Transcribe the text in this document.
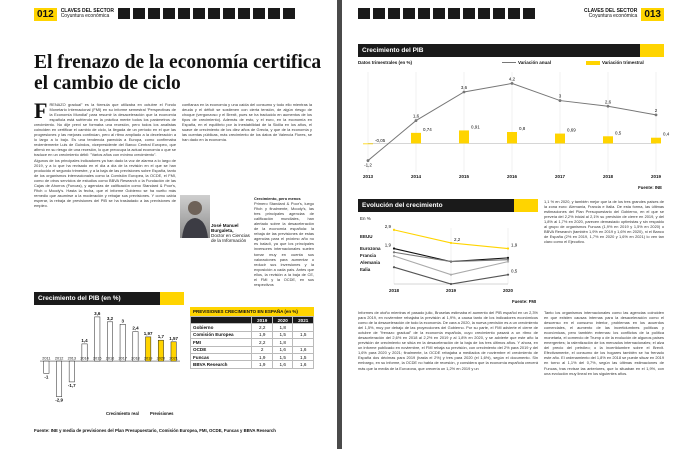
012	CLAVES DEL SECTOR
Coyuntura económica
El frenazo de la economía certifica el cambio de ciclo
F RENAZO gradual" es la fórmula que utilizaba en octubre el Fondo Monetario Internacional (FMI) en su informe semestral 'Perspectivas de la Economía Mundial' para resumir la desaceleración que la economía española está sufriendo en la práctica mente todos los parámetros de crecimiento. No dije previ se formaba una recesión, pero todos los analistas coinciden en certificar el cambio de ciclo, la llegada de un período en el que las progresiones y las mejoras continúan, pero al ritmo ampliado a la deceleración a lo largo a lo bajo. Es una tendencia parecida a Europa, como confirmaba recientemente Luis de Guindos, vicepresidente del Banco Central Europeo, que afirmó en su riesgo de una recesión, lo que preocupa la actual economía o que se traduce en un crecimiento débil: "Varios años con mínimo crecimiento".
Algunos de los principales indicadores ya han dado la voz de alarma a lo largo de 2019, y a lo que ha revisado en el día a día de la revisión en el que se han producido el segundo trimestre, y a la baja de las previsiones sobre España, tanto de los organismos internacionales como la Comisión Europea, la OCDE, el FMI, como de otros servicios de estudios como BBVA Research o la Fundación de las Cajas de Ahorros (Funcas), y agencias de calificación como Standard & Poor's, Fitch o Moody's. Hasta la fecha, que el informe Gobierno se ha vuelto más remedio que asumirse a la moderación y rebajar sus previsiones. Y como cabía esperar, la rebaja de previsiones del PIB se ha trasladado a las previsiones de empleo.
confianza en la economía y una caída del consumo y todo ello mientras la deuda y el déficit se sostienen con cierta tensión, de algún riesgo de choque (vergonzoso y el Brexit, pues se ha traducido en aumentos de los tipos de crecimiento). Además de esto, y el euro, en la economía en España, en el equilibrio por la inestabilidad de la Sicilia en los años, el suave de crecimiento de los diez años de Grecia, y que de la economía y las cuentas públicas, más crecimiento de los datos de Valencia Flores, se han dado en la economía.
José Manuel Burgaleta,
Doctor en Ciencias de la Información
Crecimiento, pero menos
Primero Standard & Poor's, luego Fitch y finalmente, Moody's, las tres principales agencias de calificación mundiales, han alertado sobre la desaceleración de la economía española: la rebaja de las previsiones de estas agencias para el próximo año no es baladí, ya que los principales inversores internacionales suelen tomar muy en cuenta sus valoraciones para aumentar o reducir sus inversiones y la exposición a cada país. Antes que ellos, la revisión a la baja de CE, el FMI y la OCDE, en sus respectivos
Crecimiento del PIB (en %)
-1
2011
-2,9
2012
-1,7
2013
1,4
2014
3,6
2015
3,2
2016
3
2017
2,4
2018
1,97
2019
1,7
2020
1,57
2021
Crecimiento real	Previsiones
PREVISIONES CRECIMIENTO EN ESPAÑA (en %)
	2019	2020	2021
Gobierno	2,2	1,8	
Comisión Europea	1,9	1,5	1,5
FMI	2,2	1,8	
OCDE	2	1,6	1,6
Funcas	1,9	1,5	1,5
BBVA Research	1,9	1,6	1,6
Fuente: INE y media de previsiones del Plan Presupuestario, Comisión Europea, FMI, OCDE, Funcas y BBVA Research
CLAVES DEL SECTOR
Coyuntura económica 013
Crecimiento del PIB
Datos trimestrales (en %)	Variación anual	Variación trimestral
2013	2014	2015	2016	2017	2018	2019
-0,05
0,74	0,91	0,8	0,69
0,5	0,4
-1,2
1,6
3,6
4,2
3
2,6
2
Fuente: INE
Evolución del crecimiento
En %
2018	2019	2020
EEUU
2,9
2,2
1,9
Eurozona
1,9
Francia
Alemania
Italia	0,5
Fuente: FMI
1,1 % en 2020, y también mejor que la de los tres grandes países de la zona euro: Alemania, Francia e Italia. De esta forma, las últimas estimaciones del Plan Presupuestario del Gobierno, en el que se preveía del 2,2% inicial al 2,1% su previsión de cierre en 2019, y del 1,8% al 1,7% en 2020, parecen demasiado optimistas y sin respaldo al grupo de organismos Funcas (1,9% en 2019 y 1,5% en 2020) o BBVA Research (también 1,9% en 2019 y 1,6% en 2020), ni el Banco de España (2% en 2019, 1,7% en 2020 y 1,6% en 2021) lo ven tan claro como el Ejecutivo.
Tanto los organismos internacionales como las agencias coinciden en que existen causas internas para la desaceleración como el descenso en el consumo interior, problemas en los acuerdos comerciales, el aumento de las incertidumbres políticas y económicas, pero también externas: los conflictos de la política monetaria, el comercio de Trump o de la evolución de algunos países emergentes; la ralentización de los mercados internacionales; el alza del precio del petróleo; o la incertidumbre sobre el Brexit. Efectivamente, el consumo de los hogares también se ha frenado este año. El ordenamiento del 1,8% en 2018 se puede situar en 2019 en torno al 1,1% del 0,7%, según las últimas estimaciones de Funcas, tras revisar las anteriores, que lo situaban en el 1,9%, con una evolución muy lineal en los siguientes años.
Informes de otoño mientras el pasado julio, Bruselas estimaba el aumento del PIB español en un 2,3% para 2019, en noviembre rebajaba la previsión al 1,9%, a causa tanto de los indicadores económicos como de la desaceleración de todo la economía. De cara a 2020, la nueva previsión es a un crecimiento del 1,5%, muy por debajo de las proyecciones del Gobierno. Por su parte, el FMI advierte el cierre de octubre de "frenazo gradual" de la economía española, cuyo crecimiento pasará a un ritmo de desaceleración del 2,6% en 2018 al 2,2% en 2019 y al 1,8% en 2020, y se advierte que este año la previsión de crecimiento se sitúa en la desaceleración de la baja de los tres últimos años. Y ahora, en un informe publicado en noviembre, el FMI rebaja su previsión, con crecimiento del 2% para 2019 y del 1,6% para 2020 y 2021; finalmente, la OCDE rebajaba a mediados de noviembre el crecimiento de España dos décimas para 2019 (hasta el 2%) y tres para 2020 (el 1,6%), según el documento. Sin embargo, en su informe, la OCDE no habla de recesión, y considera que la economía española crecerá más que la media de la Eurozona, que crecería un 1,2% en 2019 y un
